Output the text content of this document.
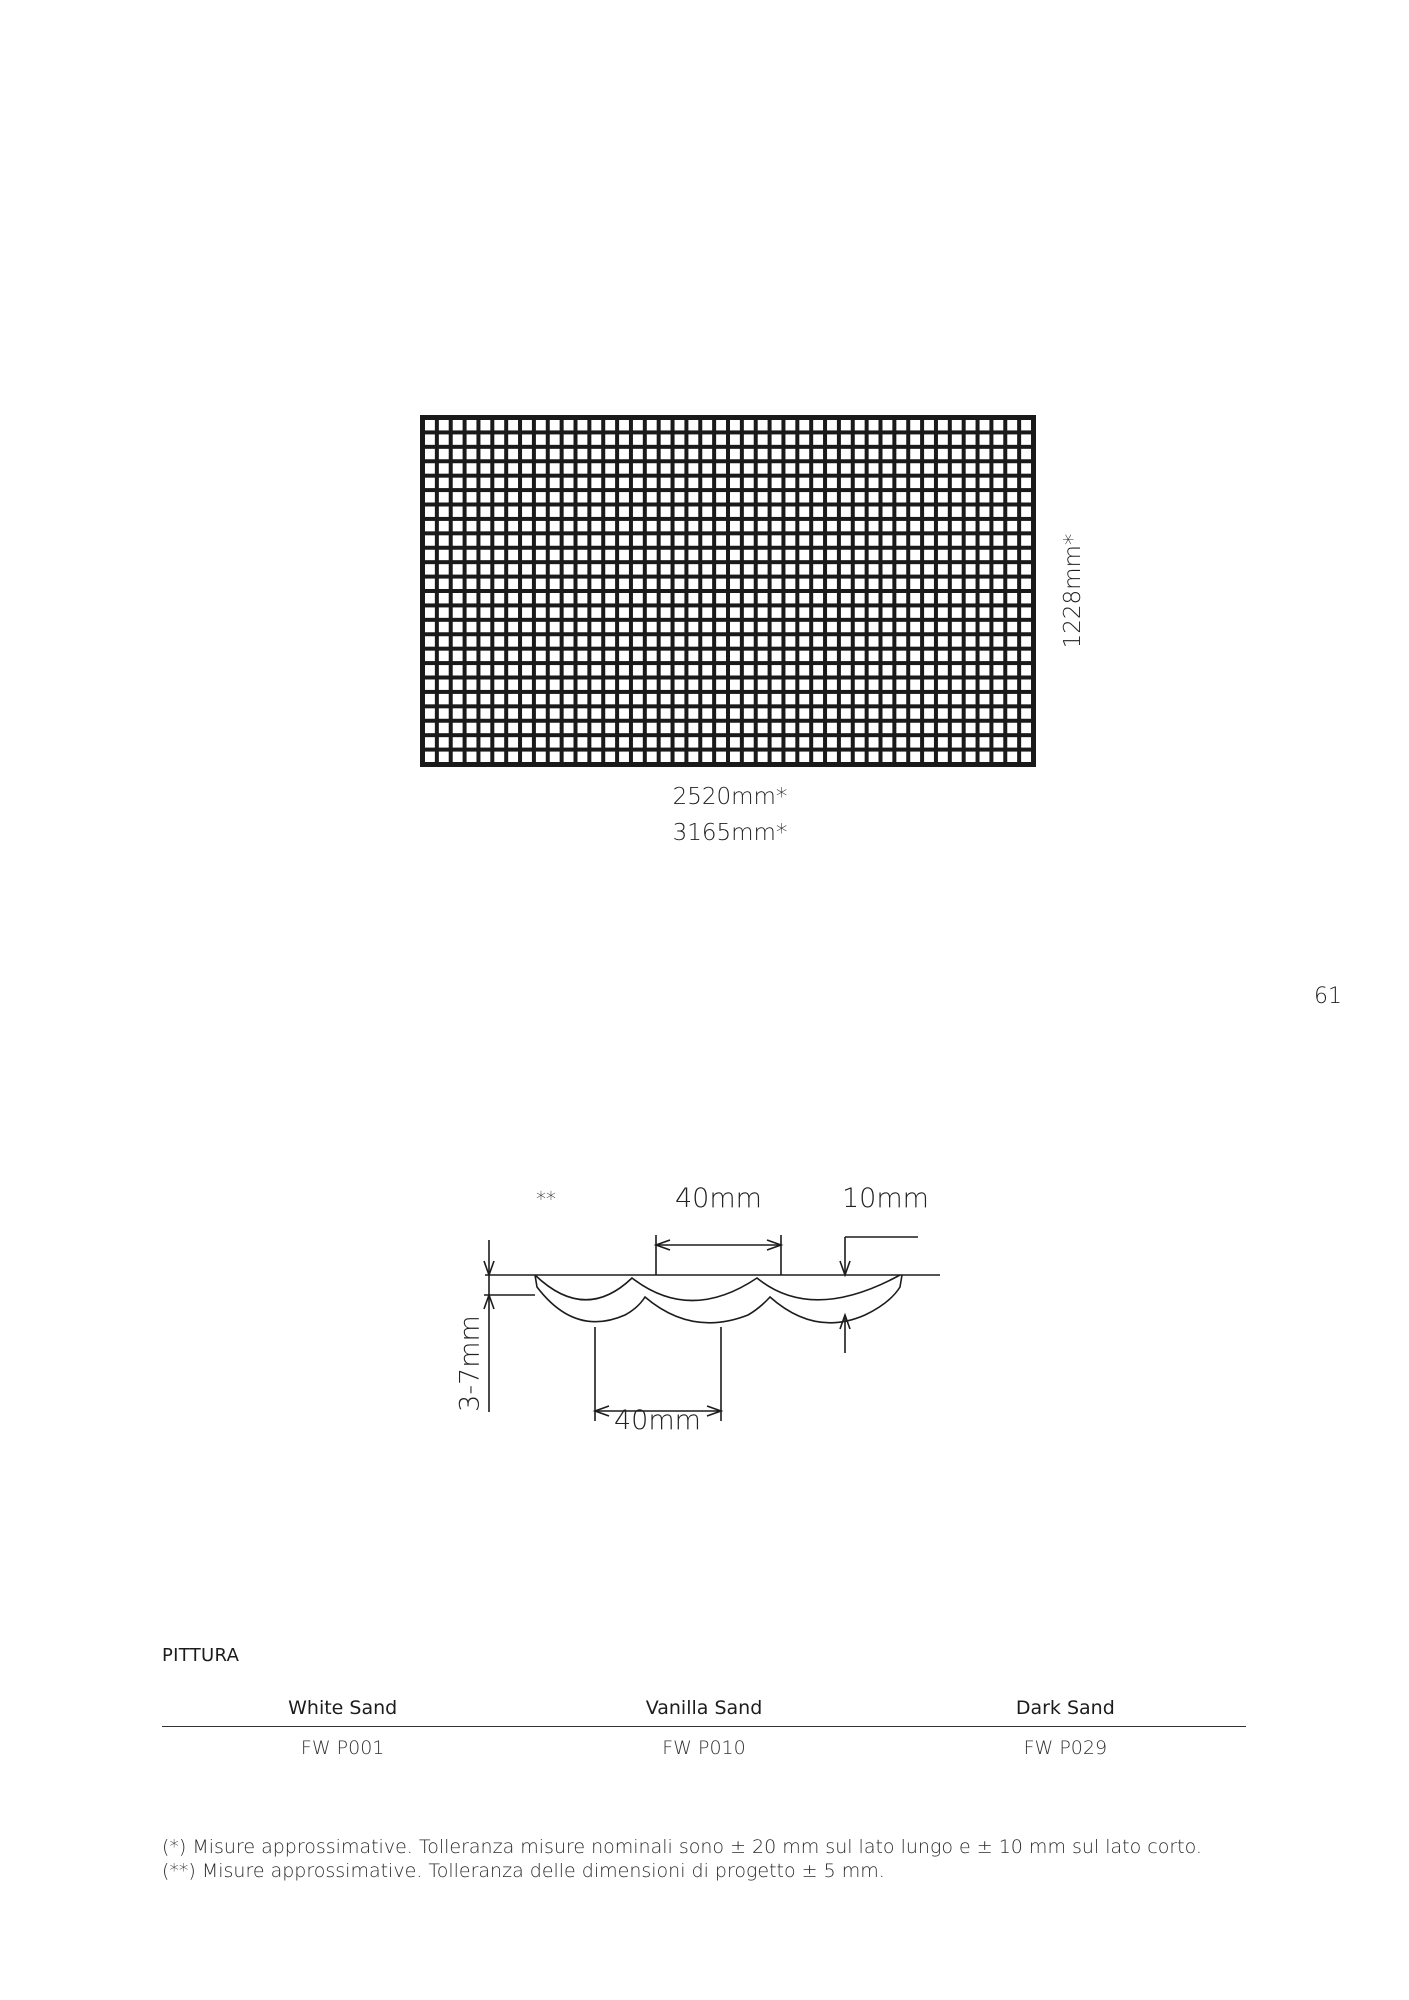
2520mm*
3165mm*
1228mm*
61
**	40mm	10mm
40mm
3-7mm
PITTURA
White Sand	Vanilla Sand	Dark Sand
FW P001	FW P010	FW P029
(*) Misure approssimative. Tolleranza misure nominali sono ± 20 mm sul lato lungo e ± 10 mm sul lato corto.
(**) Misure approssimative. Tolleranza delle dimensioni di progetto ± 5 mm.
